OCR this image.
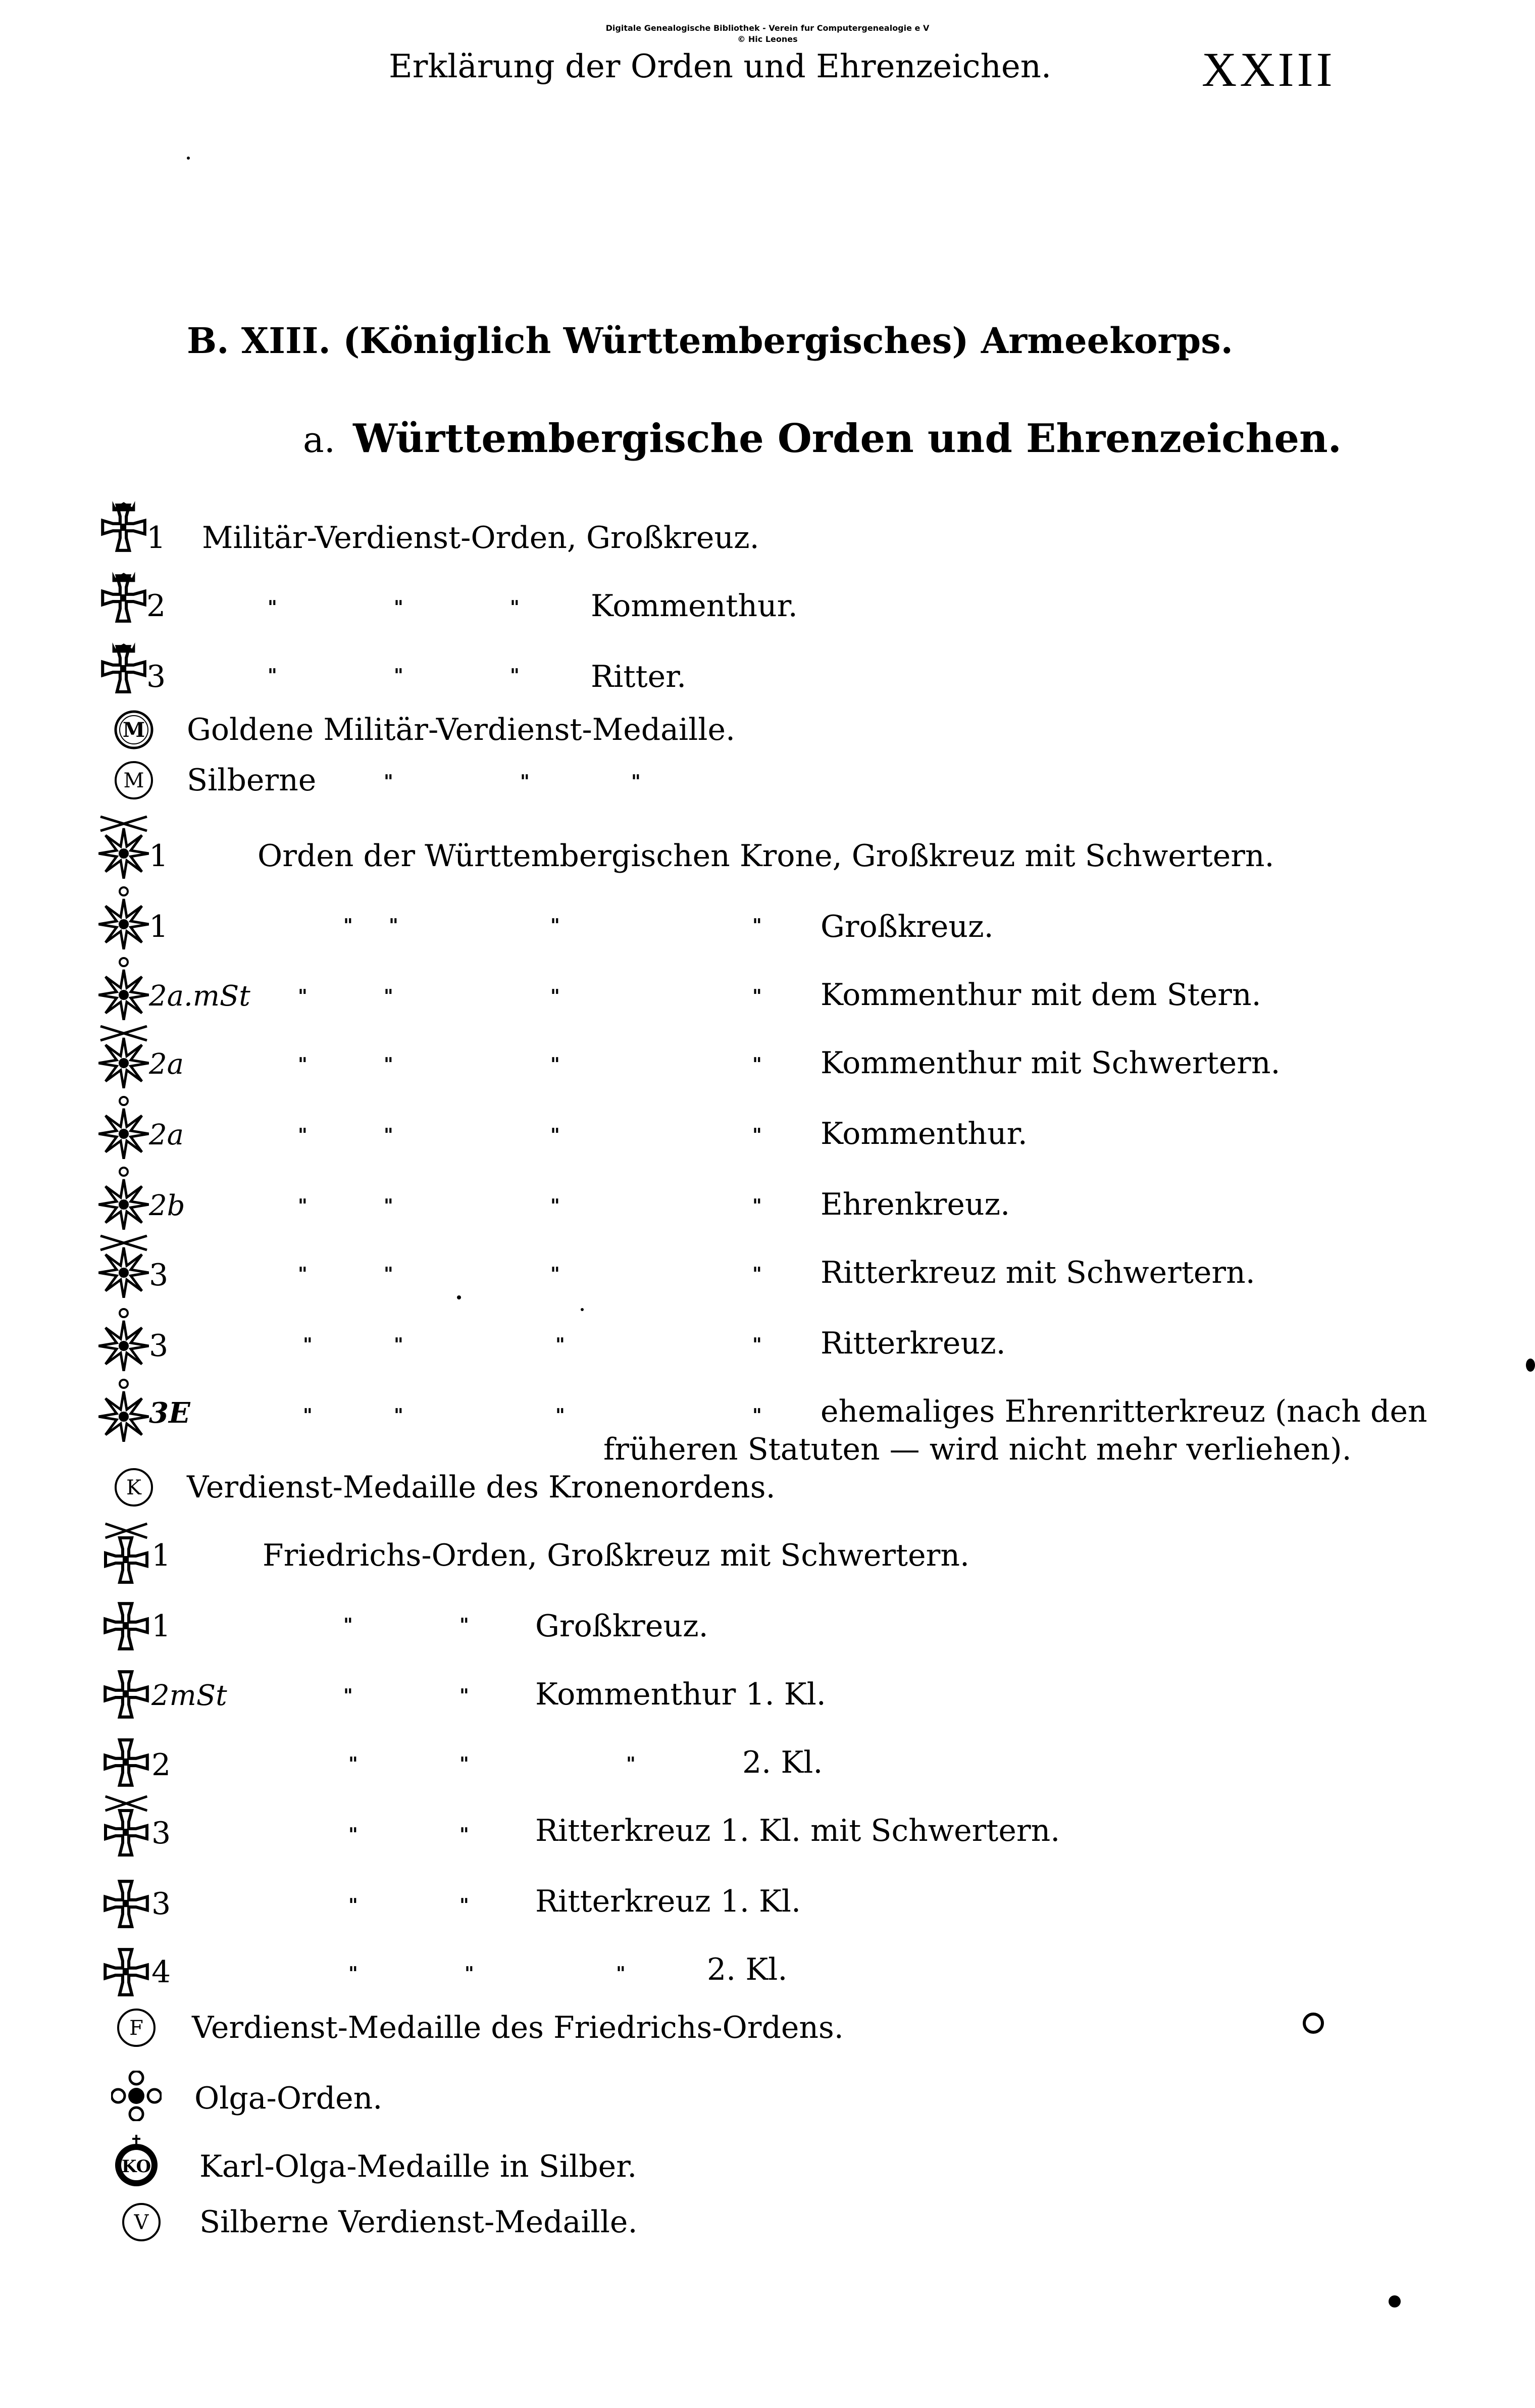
Digitale Genealogische Bibliothek - Verein fur Computergenealogie e V
© Hic Leones
Erklärung der Orden und Ehrenzeichen.	XXIII
B. XIII. (Königlich Württembergisches) Armeekorps.
a. Württembergische Orden und Ehrenzeichen.
1 Militär-Verdienst-Orden, Großkreuz.
2	"	"	" Kommenthur.
3	"	"	" Ritter.
M Goldene Militär-Verdienst-Medaille.
M Silberne	"	"	"
1	Orden der Württembergischen Krone, Großkreuz mit Schwertern.
1	" "	"	" Großkreuz.
2a.mSt	"	"	"	" Kommenthur mit dem Stern.
2a	"	"	"	" Kommenthur mit Schwertern.
2a	"	"	"	" Kommenthur.
2b	"	"	"	" Ehrenkreuz.
3	"	"	"	" Ritterkreuz mit Schwertern.
3	"	"	"	" Ritterkreuz.
3E	"	"	"	" ehemaliges Ehrenritterkreuz (nach den
früheren Statuten — wird nicht mehr verliehen).
K Verdienst-Medaille des Kronenordens.
1	Friedrichs-Orden, Großkreuz mit Schwertern.
1	"	" Großkreuz.
2mSt	"	" Kommenthur 1. Kl.
2	"	"	"	2. Kl.
3	"	" Ritterkreuz 1. Kl. mit Schwertern.
3	"	" Ritterkreuz 1. Kl.
4	"	"	"	2. Kl.
F Verdienst-Medaille des Friedrichs-Ordens.
Olga-Orden.
KO Karl-Olga-Medaille in Silber.
V Silberne Verdienst-Medaille.
